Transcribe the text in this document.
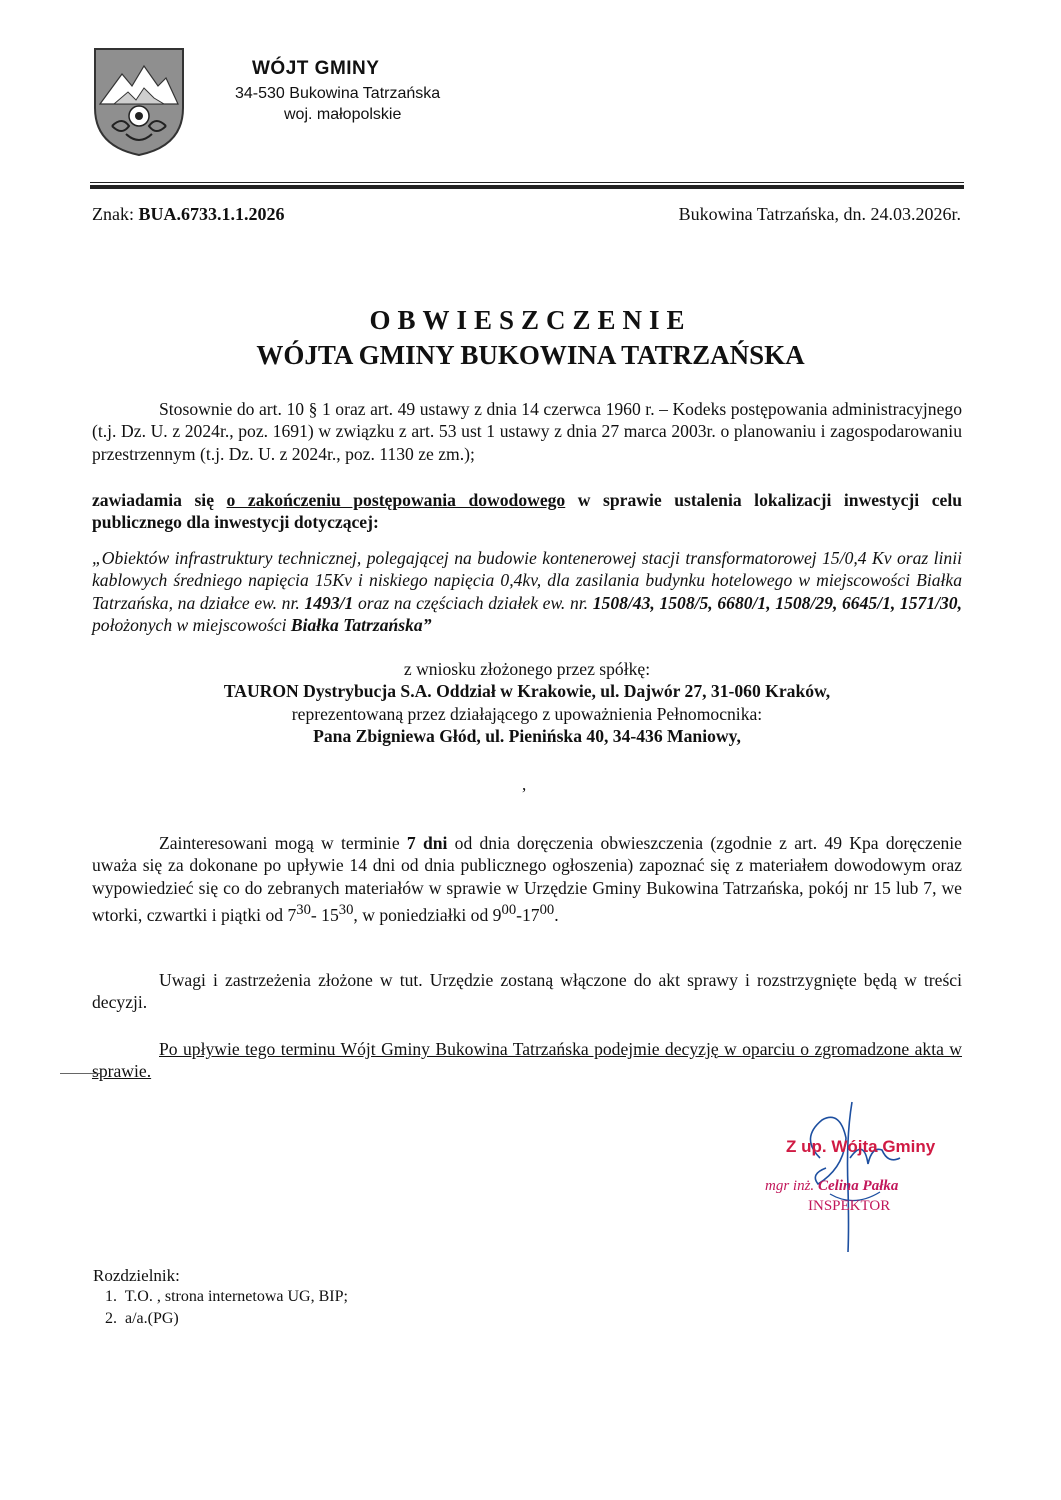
WÓJT GMINY
34-530 Bukowina Tatrzańska
woj. małopolskie
Znak: BUA.6733.1.1.2026	Bukowina Tatrzańska, dn. 24.03.2026r.
OBWIESZCZENIE
WÓJTA GMINY BUKOWINA TATRZAŃSKA
Stosownie do art. 10 § 1 oraz art. 49 ustawy z dnia 14 czerwca 1960 r. – Kodeks postępowania administracyjnego (t.j. Dz. U. z 2024r., poz. 1691) w związku z art. 53 ust 1 ustawy z dnia 27 marca 2003r. o planowaniu i zagospodarowaniu przestrzennym (t.j. Dz. U. z 2024r., poz. 1130 ze zm.);
zawiadamia się o zakończeniu postępowania dowodowego w sprawie ustalenia lokalizacji inwestycji celu publicznego dla inwestycji dotyczącej:
„Obiektów infrastruktury technicznej, polegającej na budowie kontenerowej stacji transformatorowej 15/0,4 Kv oraz linii kablowych średniego napięcia 15Kv i niskiego napięcia 0,4kv, dla zasilania budynku hotelowego w miejscowości Białka Tatrzańska, na działce ew. nr. 1493/1 oraz na częściach działek ew. nr. 1508/43, 1508/5, 6680/1, 1508/29, 6645/1, 1571/30, położonych w miejscowości Białka Tatrzańska”
z wniosku złożonego przez spółkę:
TAURON Dystrybucja S.A. Oddział w Krakowie, ul. Dajwór 27, 31-060 Kraków,
reprezentowaną przez działającego z upoważnienia Pełnomocnika:
Pana Zbigniewa Głód, ul. Pienińska 40, 34-436 Maniowy,
,
Zainteresowani mogą w terminie 7 dni od dnia doręczenia obwieszczenia (zgodnie z art. 49 Kpa doręczenie uważa się za dokonane po upływie 14 dni od dnia publicznego ogłoszenia) zapoznać się z materiałem dowodowym oraz wypowiedzieć się co do zebranych materiałów w sprawie w Urzędzie Gminy Bukowina Tatrzańska, pokój nr 15 lub 7, we wtorki, czwartki i piątki od $7^{30}-$ $15^{30}$, w poniedziałki od $9^{00}-17^{00}$.
Uwagi i zastrzeżenia złożone w tut. Urzędzie zostaną włączone do akt sprawy i rozstrzygnięte będą w treści decyzji.
Po upływie tego terminu Wójt Gminy Bukowina Tatrzańska podejmie decyzję w oparciu o zgromadzone akta w sprawie.
Z up. Wójta Gminy
mgr inż. Celina Pałka
INSPEKTOR
Rozdzielnik:
1.  T.O. , strona internetowa UG, BIP;
2.  a/a.(PG)
